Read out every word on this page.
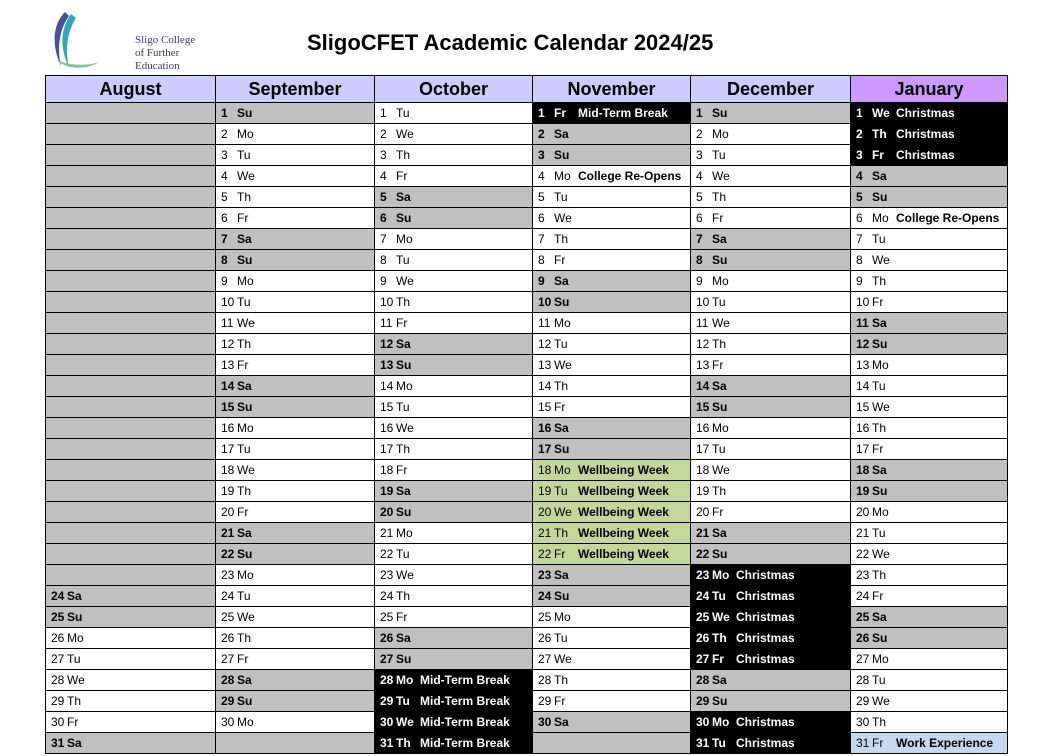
Sligo College
of Further Education
SligoCFET Academic Calendar 2024/25
August	September	October	November	December	January

	1 Su	1 Tu	1 Fr Mid-Term Break	1 Su	1 We Christmas

	2 Mo	2 We	2 Sa	2 Mo	2 Th Christmas

	3 Tu	3 Th	3 Su	3 Tu	3 Fr Christmas

	4 We	4 Fr	4 Mo College Re-Opens	4 We	4 Sa

	5 Th	5 Sa	5 Tu	5 Th	5 Su

	6 Fr	6 Su	6 We	6 Fr	6 Mo College Re-Opens

	7 Sa	7 Mo	7 Th	7 Sa	7 Tu

	8 Su	8 Tu	8 Fr	8 Su	8 We

	9 Mo	9 We	9 Sa	9 Mo	9 Th

	10 Tu	10 Th	10 Su	10 Tu	10 Fr

	11 We	11 Fr	11 Mo	11 We	11 Sa

	12 Th	12 Sa	12 Tu	12 Th	12 Su

	13 Fr	13 Su	13 We	13 Fr	13 Mo

	14 Sa	14 Mo	14 Th	14 Sa	14 Tu

	15 Su	15 Tu	15 Fr	15 Su	15 We

	16 Mo	16 We	16 Sa	16 Mo	16 Th

	17 Tu	17 Th	17 Su	17 Tu	17 Fr

	18 We	18 Fr	18 Mo Wellbeing Week	18 We	18 Sa

	19 Th	19 Sa	19 Tu Wellbeing Week	19 Th	19 Su

	20 Fr	20 Su	20 We Wellbeing Week	20 Fr	20 Mo

	21 Sa	21 Mo	21 Th Wellbeing Week	21 Sa	21 Tu

	22 Su	22 Tu	22 Fr Wellbeing Week	22 Su	22 We

	23 Mo	23 We	23 Sa	23 Mo Christmas	23 Th

24 Sa	24 Tu	24 Th	24 Su	24 Tu Christmas	24 Fr

25 Su	25 We	25 Fr	25 Mo	25 We Christmas	25 Sa

26 Mo	26 Th	26 Sa	26 Tu	26 Th Christmas	26 Su

27 Tu	27 Fr	27 Su	27 We	27 Fr Christmas	27 Mo

28 We	28 Sa	28 Mo Mid-Term Break	28 Th	28 Sa	28 Tu

29 Th	29 Su	29 Tu Mid-Term Break	29 Fr	29 Su	29 We

30 Fr	30 Mo	30 We Mid-Term Break	30 Sa	30 Mo Christmas	30 Th

31 Sa		31 Th Mid-Term Break		31 Tu Christmas	31 Fr Work Experience
